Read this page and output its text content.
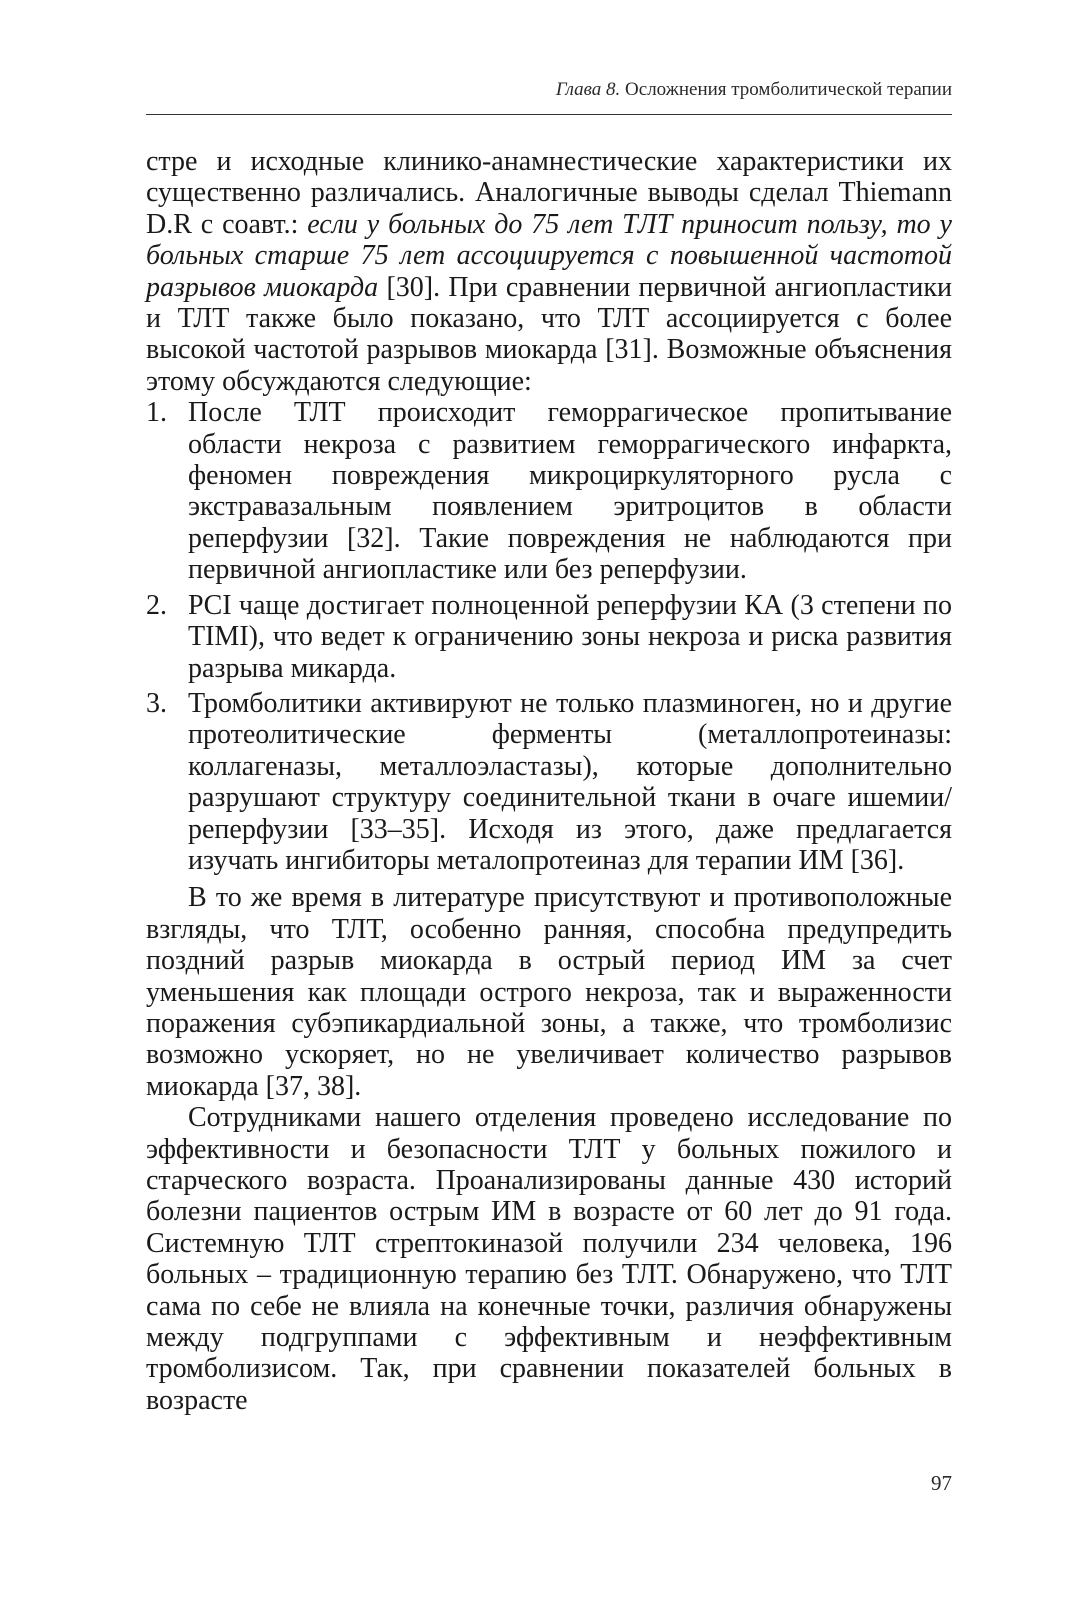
Глава 8. Осложнения тромболитической терапии

стре и исходные клинико-анамнестические характеристики их существенно различались. Аналогичные выводы сделал Thiemann D.R с соавт.: если у больных до 75 лет ТЛТ приносит пользу, то у больных старше 75 лет ассоциируется с повышенной частотой разрывов миокарда [30]. При сравнении первичной ангиопластики и ТЛТ также было показано, что ТЛТ ассоциируется с более высокой частотой разрывов миокарда [31]. Возможные объяснения этому обсуждаются следующие:

1. После ТЛТ происходит геморрагическое пропитывание области некроза с развитием геморрагического инфаркта, феномен повреждения микроциркуляторного русла с экстравазальным появлением эритроцитов в области реперфузии [32]. Такие повреждения не наблюдаются при первичной ангиопластике или без реперфузии.
2. PCI чаще достигает полноценной реперфузии КА (3 степени по TIMI), что ведет к ограничению зоны некроза и риска развития разрыва микарда.
3. Тромболитики активируют не только плазминоген, но и другие протеолитические ферменты (металлопротеиназы: коллагеназы, металлоэластазы), которые дополнительно разрушают структуру соединительной ткани в очаге ишемии/реперфузии [33–35]. Исходя из этого, даже предлагается изучать ингибиторы металопротеиназ для терапии ИМ [36].

В то же время в литературе присутствуют и противоположные взгляды, что ТЛТ, особенно ранняя, способна предупредить поздний разрыв миокарда в острый период ИМ за счет уменьшения как площади острого некроза, так и выраженности поражения субэпикардиальной зоны, а также, что тромболизис возможно ускоряет, но не увеличивает количество разрывов миокарда [37, 38].

Сотрудниками нашего отделения проведено исследование по эффективности и безопасности ТЛТ у больных пожилого и старческого возраста. Проанализированы данные 430 историй болезни пациентов острым ИМ в возрасте от 60 лет до 91 года. Системную ТЛТ стрептокиназой получили 234 человека, 196 больных – традиционную терапию без ТЛТ. Обнаружено, что ТЛТ сама по себе не влияла на конечные точки, различия обнаружены между подгруппами с эффективным и неэффективным тромболизисом. Так, при сравнении показателей больных в возрасте

97
